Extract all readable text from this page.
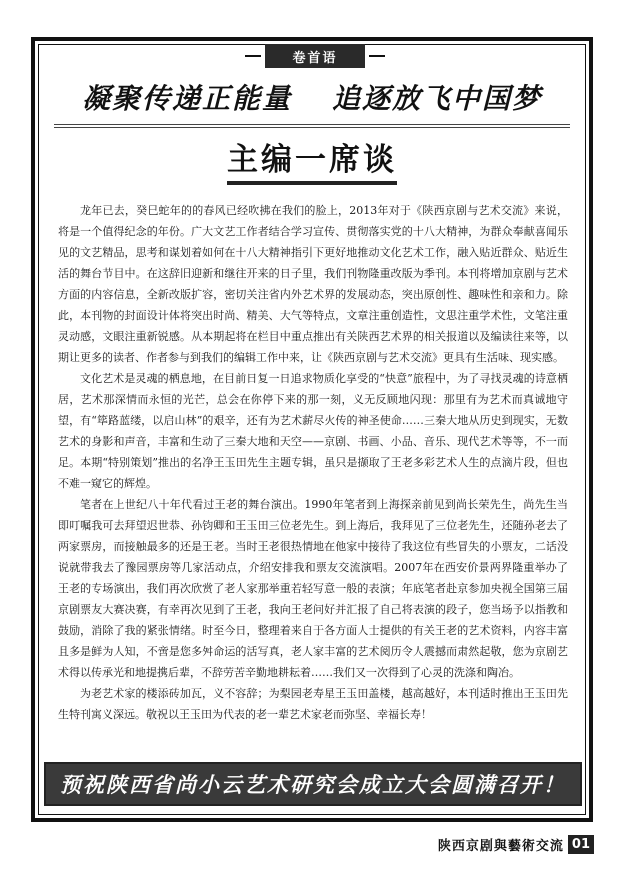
卷首语
凝聚传递正能量 追逐放飞中国梦
主编一席谈

龙年已去，癸巳蛇年的的春风已经吹拂在我们的脸上，2013年对于《陕西京剧与艺术交流》来说，将是一个值得纪念的年份。广大文艺工作者结合学习宣传、贯彻落实党的十八大精神，为群众奉献喜闻乐见的文艺精品，思考和谋划着如何在十八大精神指引下更好地推动文化艺术工作，融入贴近群众、贴近生活的舞台节目中。在这辞旧迎新和继往开来的日子里，我们刊物隆重改版为季刊。本刊将增加京剧与艺术方面的内容信息，全新改版扩容，密切关注省内外艺术界的发展动态，突出原创性、趣味性和亲和力。除此，本刊物的封面设计体将突出时尚、精美、大气等特点，文章注重创造性，文思注重学术性，文笔注重灵动感，文眼注重新锐感。从本期起将在栏目中重点推出有关陕西艺术界的相关报道以及编读往来等，以期让更多的读者、作者参与到我们的编辑工作中来，让《陕西京剧与艺术交流》更具有生活味、现实感。

文化艺术是灵魂的栖息地，在目前日复一日追求物质化享受的“快意”旅程中，为了寻找灵魂的诗意栖居，艺术那深情而永恒的光芒，总会在你停下来的那一刻，义无反顾地闪现：那里有为艺术而真诚地守望，有“筚路蓝缕，以启山林”的艰辛，还有为艺术薪尽火传的神圣使命……三秦大地从历史到现实，无数艺术的身影和声音，丰富和生动了三秦大地和天空——京剧、书画、小品、音乐、现代艺术等等，不一而足。本期“特别策划”推出的名净王玉田先生主题专辑，虽只是撷取了王老多彩艺术人生的点滴片段，但也不难一窥它的辉煌。

笔者在上世纪八十年代看过王老的舞台演出。1990年笔者到上海探亲前见到尚长荣先生，尚先生当即叮嘱我可去拜望迟世恭、孙钧卿和王玉田三位老先生。到上海后，我拜见了三位老先生，还随孙老去了两家票房，而接触最多的还是王老。当时王老很热情地在他家中接待了我这位有些冒失的小票友，二话没说就带我去了豫园票房等几家活动点，介绍安排我和票友交流演唱。2007年在西安价景两界隆重举办了王老的专场演出，我们再次欣赏了老人家那举重若轻写意一般的表演；年底笔者赴京参加央视全国第三届京剧票友大赛决赛，有幸再次见到了王老，我向王老问好并汇报了自己将表演的段子，您当场予以指教和鼓励，消除了我的紧张情绪。时至今日，整理着来自于各方面人士提供的有关王老的艺术资料，内容丰富且多是鲜为人知，不啻是您多舛命运的活写真，老人家丰富的艺术阅历令人震撼而肃然起敬，您为京剧艺术得以传承光和地提携后辈，不辞劳苦辛勤地耕耘着……我们又一次得到了心灵的洗涤和陶冶。

为老艺术家的楼添砖加瓦，义不容辞；为梨园老寿星王玉田盖楼，越高越好，本刊适时推出王玉田先生特刊寓义深远。敬祝以王玉田为代表的老一辈艺术家老而弥坚、幸福长寿！

预祝陕西省尚小云艺术研究会成立大会圆满召开！
陕西京剧與藝術交流 01
